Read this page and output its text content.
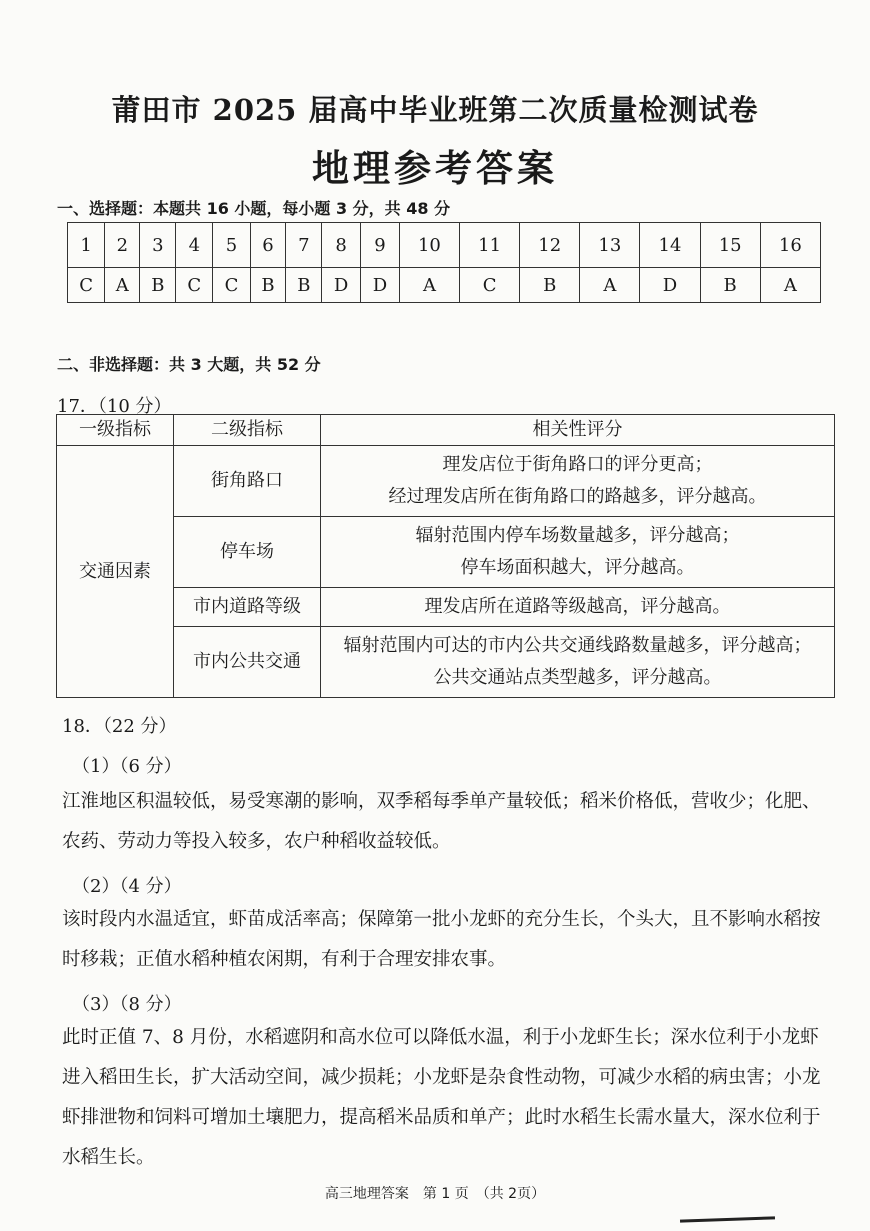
莆田市 2025 届高中毕业班第二次质量检测试卷
地理参考答案
一、选择题：本题共 16 小题，每小题 3 分，共 48 分
1	2	3	4	5	6	7	8	9	10	11	12	13	14	15	16
C	A	B	C	C	B	B	D	D	A	C	B	A	D	B	A
二、非选择题：共 3 大题，共 52 分
17．（10 分）
一级指标	二级指标	相关性评分
交通因素	街角路口	理发店位于街角路口的评分更高；
经过理发店所在街角路口的路越多，评分越高。

	停车场	辐射范围内停车场数量越多，评分越高；
停车场面积越大，评分越高。

	市内道路等级	理发店所在道路等级越高，评分越高。

	市内公共交通	辐射范围内可达的市内公共交通线路数量越多，评分越高；
公共交通站点类型越多，评分越高。
18．（22 分）
（1）（6 分）
江淮地区积温较低，易受寒潮的影响，双季稻每季单产量较低；稻米价格低，营收少；化肥、农药、劳动力等投入较多，农户种稻收益较低。
（2）（4 分）
该时段内水温适宜，虾苗成活率高；保障第一批小龙虾的充分生长，个头大，且不影响水稻按时移栽；正值水稻种植农闲期，有利于合理安排农事。
（3）（8 分）
此时正值 7、8 月份，水稻遮阴和高水位可以降低水温，利于小龙虾生长；深水位利于小龙虾进入稻田生长，扩大活动空间，减少损耗；小龙虾是杂食性动物，可减少水稻的病虫害；小龙虾排泄物和饲料可增加土壤肥力，提高稻米品质和单产；此时水稻生长需水量大，深水位利于水稻生长。
高三地理答案　第 1 页　（共 2页）
